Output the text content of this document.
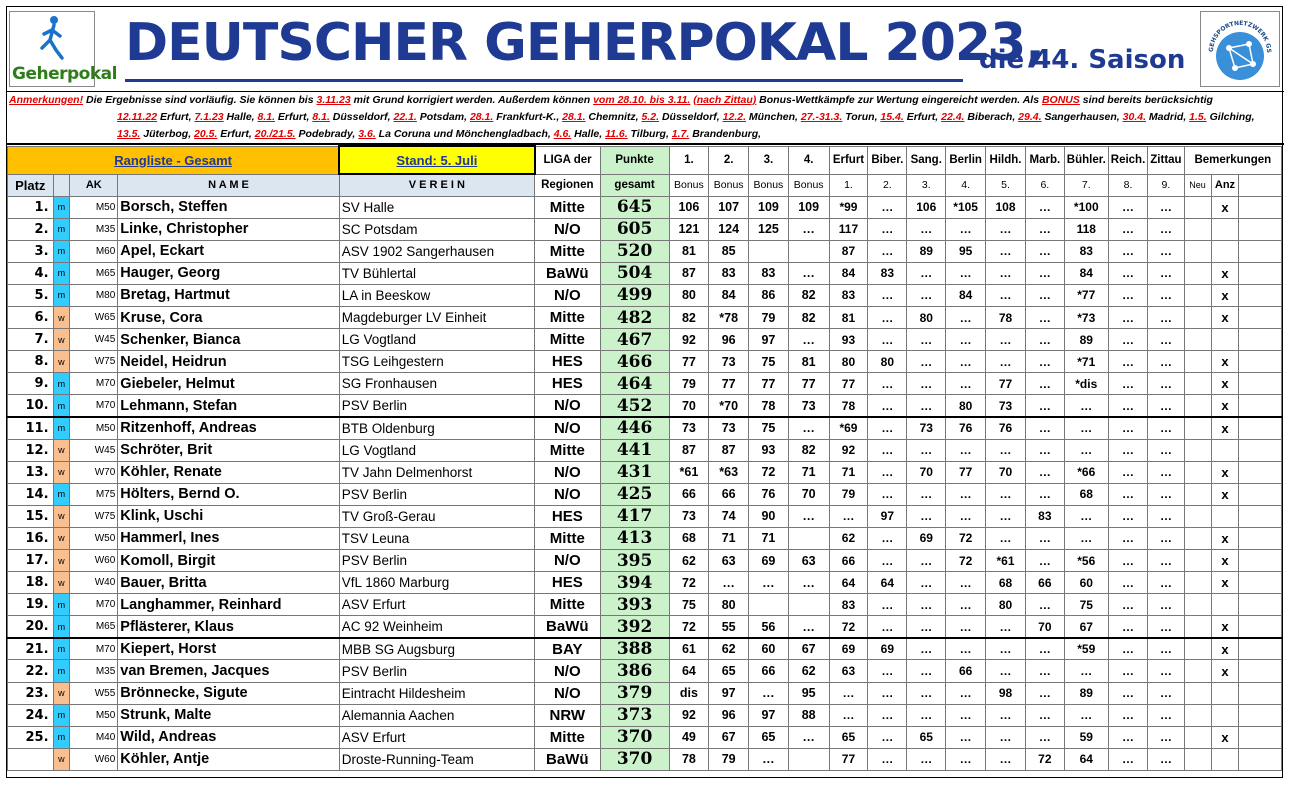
Geherpokal
DEUTSCHER GEHERPOKAL 2023,
die 44. Saison	GEHSPORTNETZWERK GS
Anmerkungen! Die Ergebnisse sind vorläufig. Sie können bis 3.11.23 mit Grund korrigiert werden. Außerdem können vom 28.10. bis 3.11. (nach Zittau) Bonus-Wettkämpfe zur Wertung eingereicht werden. Als BONUS sind bereits berücksichtig
12.11.22 Erfurt, 7.1.23 Halle, 8.1. Erfurt, 8.1. Düsseldorf, 22.1. Potsdam, 28.1. Frankfurt-K., 28.1. Chemnitz, 5.2. Düsseldorf, 12.2. München, 27.-31.3. Torun, 15.4. Erfurt, 22.4. Biberach, 29.4. Sangerhausen, 30.4. Madrid, 1.5. Gilching,
13.5. Jüterbog, 20.5. Erfurt, 20./21.5. Podebrady, 3.6. La Coruna und Mönchengladbach, 4.6. Halle, 11.6. Tilburg, 1.7. Brandenburg,
Rangliste - Gesamt				Stand: 5. Juli	LIGA der	Punkte	1.	2.	3.	4.	Erfurt	Biber.	Sang.	Berlin	Hildh.	Marb.	Bühler.	Reich.	Zittau	Bemerkungen		
Platz		AK	N A M E	V E R E I N	Regionen	gesamt	Bonus	Bonus	Bonus	Bonus	1.	2.	3.	4.	5.	6.	7.	8.	9.	Neu	Anz	
1.	m	M50	Borsch, Steffen	SV Halle	Mitte	645	106	107	109	109	*99	…	106	*105	108	…	*100	…	…		x	
2.	m	M35	Linke, Christopher	SC Potsdam	N/O	605	121	124	125	…	117	…	…	…	…	…	118	…	…			
3.	m	M60	Apel, Eckart	ASV 1902 Sangerhausen	Mitte	520	81	85			87	…	89	95	…	…	83	…	…			
4.	m	M65	Hauger, Georg	TV Bühlertal	BaWü	504	87	83	83	…	84	83	…	…	…	…	84	…	…		x	
5.	m	M80	Bretag, Hartmut	LA in Beeskow	N/O	499	80	84	86	82	83	…	…	84	…	…	*77	…	…		x	
6.	w	W65	Kruse, Cora	Magdeburger LV Einheit	Mitte	482	82	*78	79	82	81	…	80	…	78	…	*73	…	…		x	
7.	w	W45	Schenker, Bianca	LG Vogtland	Mitte	467	92	96	97	…	93	…	…	…	…	…	89	…	…			
8.	w	W75	Neidel, Heidrun	TSG Leihgestern	HES	466	77	73	75	81	80	80	…	…	…	…	*71	…	…		x	
9.	m	M70	Giebeler, Helmut	SG Fronhausen	HES	464	79	77	77	77	77	…	…	…	77	…	*dis	…	…		x	
10.	m	M70	Lehmann, Stefan	PSV Berlin	N/O	452	70	*70	78	73	78	…	…	80	73	…	…	…	…		x	
11.	m	M50	Ritzenhoff, Andreas	BTB Oldenburg	N/O	446	73	73	75	…	*69	…	73	76	76	…	…	…	…		x	
12.	w	W45	Schröter, Brit	LG Vogtland	Mitte	441	87	87	93	82	92	…	…	…	…	…	…	…	…			
13.	w	W70	Köhler, Renate	TV Jahn Delmenhorst	N/O	431	*61	*63	72	71	71	…	70	77	70	…	*66	…	…		x	
14.	m	M75	Hölters, Bernd O.	PSV Berlin	N/O	425	66	66	76	70	79	…	…	…	…	…	68	…	…		x	
15.	w	W75	Klink, Uschi	TV Groß-Gerau	HES	417	73	74	90	…	…	97	…	…	…	83	…	…	…			
16.	w	W50	Hammerl, Ines	TSV Leuna	Mitte	413	68	71	71		62	…	69	72	…	…	…	…	…		x	
17.	w	W60	Komoll, Birgit	PSV Berlin	N/O	395	62	63	69	63	66	…	…	72	*61	…	*56	…	…		x	
18.	w	W40	Bauer, Britta	VfL 1860 Marburg	HES	394	72	…	…	…	64	64	…	…	68	66	60	…	…		x	
19.	m	M70	Langhammer, Reinhard	ASV Erfurt	Mitte	393	75	80			83	…	…	…	80	…	75	…	…			
20.	m	M65	Pflästerer, Klaus	AC 92 Weinheim	BaWü	392	72	55	56	…	72	…	…	…	…	70	67	…	…		x	
21.	m	M70	Kiepert, Horst	MBB SG Augsburg	BAY	388	61	62	60	67	69	69	…	…	…	…	*59	…	…		x	
22.	m	M35	van Bremen, Jacques	PSV Berlin	N/O	386	64	65	66	62	63	…	…	66	…	…	…	…	…		x	
23.	w	W55	Brönnecke, Sigute	Eintracht Hildesheim	N/O	379	dis	97	…	95	…	…	…	…	98	…	89	…	…			
24.	m	M50	Strunk, Malte	Alemannia Aachen	NRW	373	92	96	97	88	…	…	…	…	…	…	…	…	…			
25.	m	M40	Wild, Andreas	ASV Erfurt	Mitte	370	49	67	65	…	65	…	65	…	…	…	59	…	…		x	
	w	W60	Köhler, Antje	Droste-Running-Team	BaWü	370	78	79	…		77	…	…	…	…	72	64	…	…			
